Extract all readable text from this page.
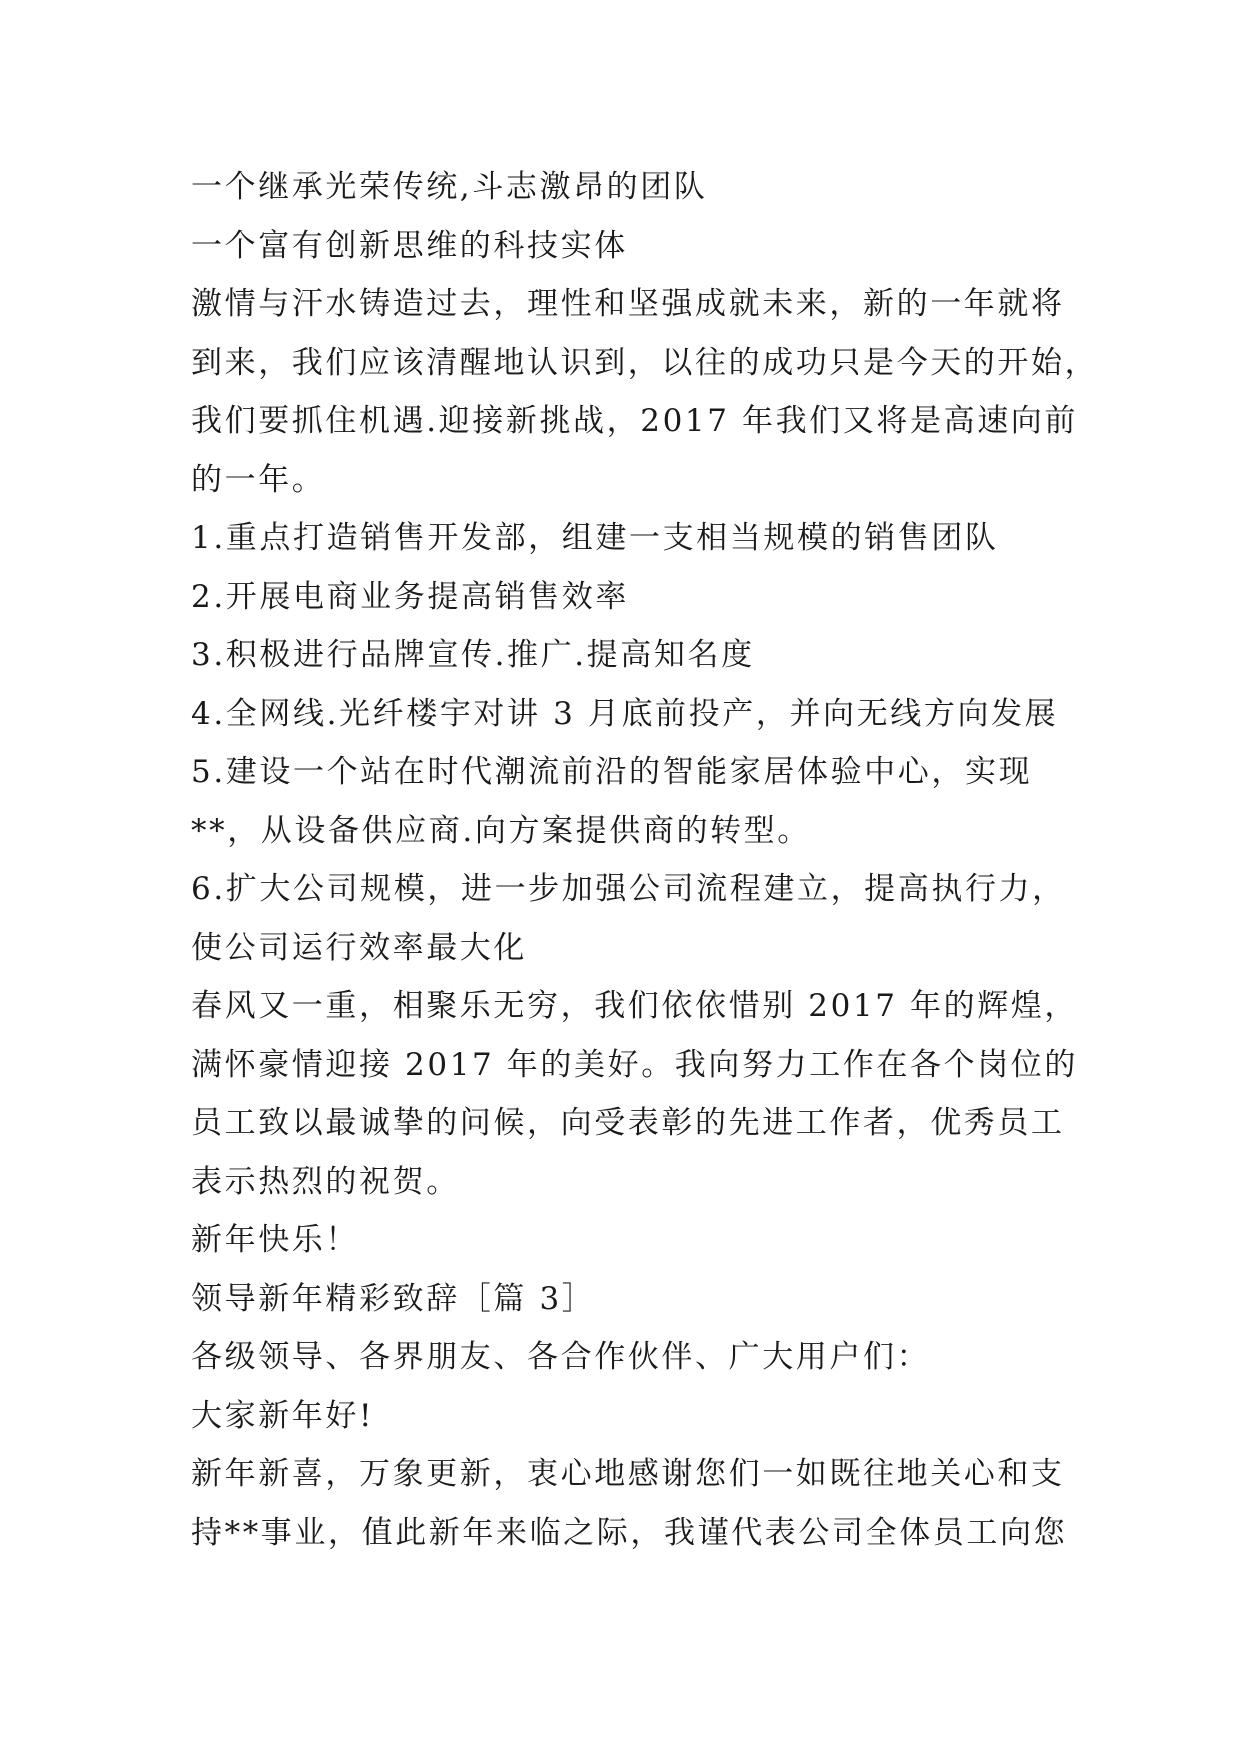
一个继承光荣传统,斗志激昂的团队
一个富有创新思维的科技实体
激情与汗水铸造过去，理性和坚强成就未来，新的一年就将
到来，我们应该清醒地认识到，以往的成功只是今天的开始，
我们要抓住机遇.迎接新挑战，2017 年我们又将是高速向前
的一年。
1.重点打造销售开发部，组建一支相当规模的销售团队
2.开展电商业务提高销售效率
3.积极进行品牌宣传.推广.提高知名度
4.全网线.光纤楼宇对讲 3 月底前投产，并向无线方向发展
5.建设一个站在时代潮流前沿的智能家居体验中心，实现
**，从设备供应商.向方案提供商的转型。
6.扩大公司规模，进一步加强公司流程建立，提高执行力，
使公司运行效率最大化
春风又一重，相聚乐无穷，我们依依惜别 2017 年的辉煌，
满怀豪情迎接 2017 年的美好。我向努力工作在各个岗位的
员工致以最诚挚的问候，向受表彰的先进工作者，优秀员工
表示热烈的祝贺。
新年快乐！
领导新年精彩致辞［篇 3］
各级领导、各界朋友、各合作伙伴、广大用户们：
大家新年好!
新年新喜，万象更新，衷心地感谢您们一如既往地关心和支
持**事业，值此新年来临之际，我谨代表公司全体员工向您
